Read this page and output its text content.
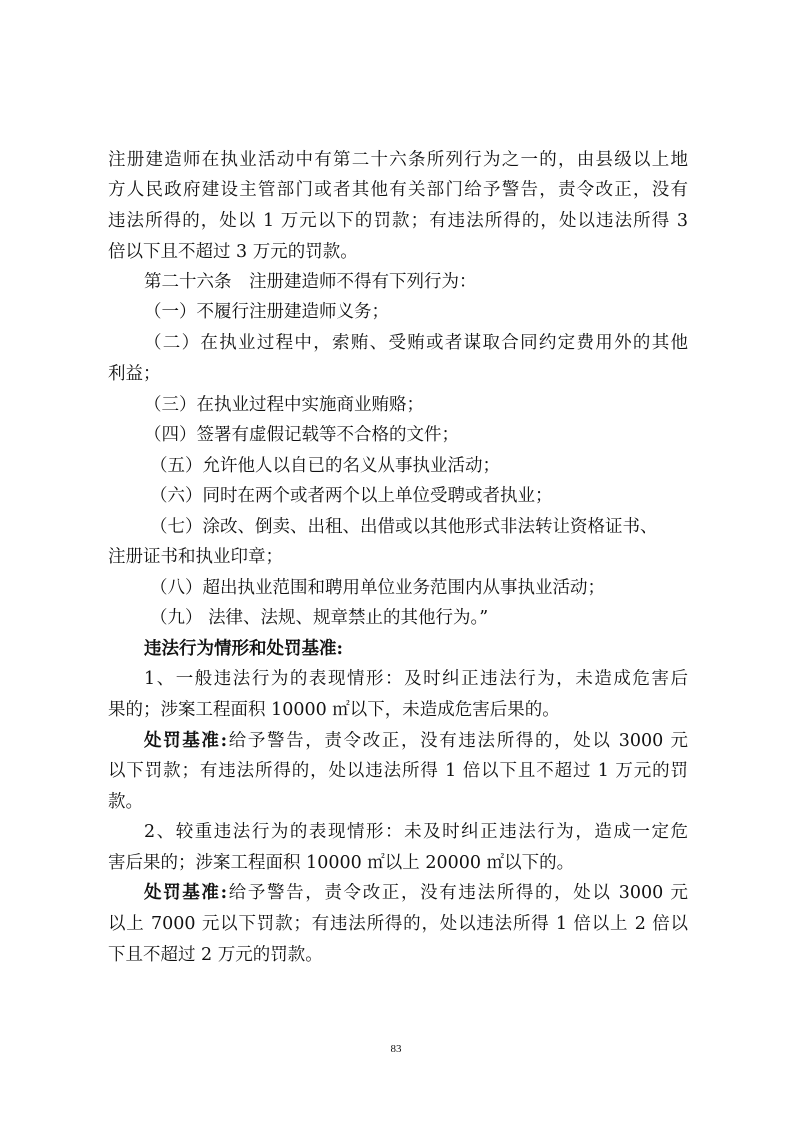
注册建造师在执业活动中有第二十六条所列行为之一的，由县级以上地

方人民政府建设主管部门或者其他有关部门给予警告，责令改正，没有

违法所得的，处以 1 万元以下的罚款；有违法所得的，处以违法所得 3

倍以下且不超过 3 万元的罚款。

第二十六条　注册建造师不得有下列行为：

（一）不履行注册建造师义务；

（二）在执业过程中，索贿、受贿或者谋取合同约定费用外的其他

利益；

（三）在执业过程中实施商业贿赂；

（四）签署有虚假记载等不合格的文件；

（五）允许他人以自已的名义从事执业活动；

（六）同时在两个或者两个以上单位受聘或者执业；

（七）涂改、倒卖、出租、出借或以其他形式非法转让资格证书、

注册证书和执业印章；

（八）超出执业范围和聘用单位业务范围内从事执业活动；

（九） 法律、法规、规章禁止的其他行为。”

违法行为情形和处罚基准:

1、一般违法行为的表现情形：及时纠正违法行为，未造成危害后

果的；涉案工程面积 10000 ㎡以下，未造成危害后果的。

处罚基准:给予警告，责令改正，没有违法所得的，处以 3000 元

以下罚款；有违法所得的，处以违法所得 1 倍以下且不超过 1 万元的罚

款。

2、较重违法行为的表现情形：未及时纠正违法行为，造成一定危

害后果的；涉案工程面积 10000 ㎡以上 20000 ㎡以下的。

处罚基准:给予警告，责令改正，没有违法所得的，处以 3000 元

以上 7000 元以下罚款；有违法所得的，处以违法所得 1 倍以上 2 倍以

下且不超过 2 万元的罚款。

83
